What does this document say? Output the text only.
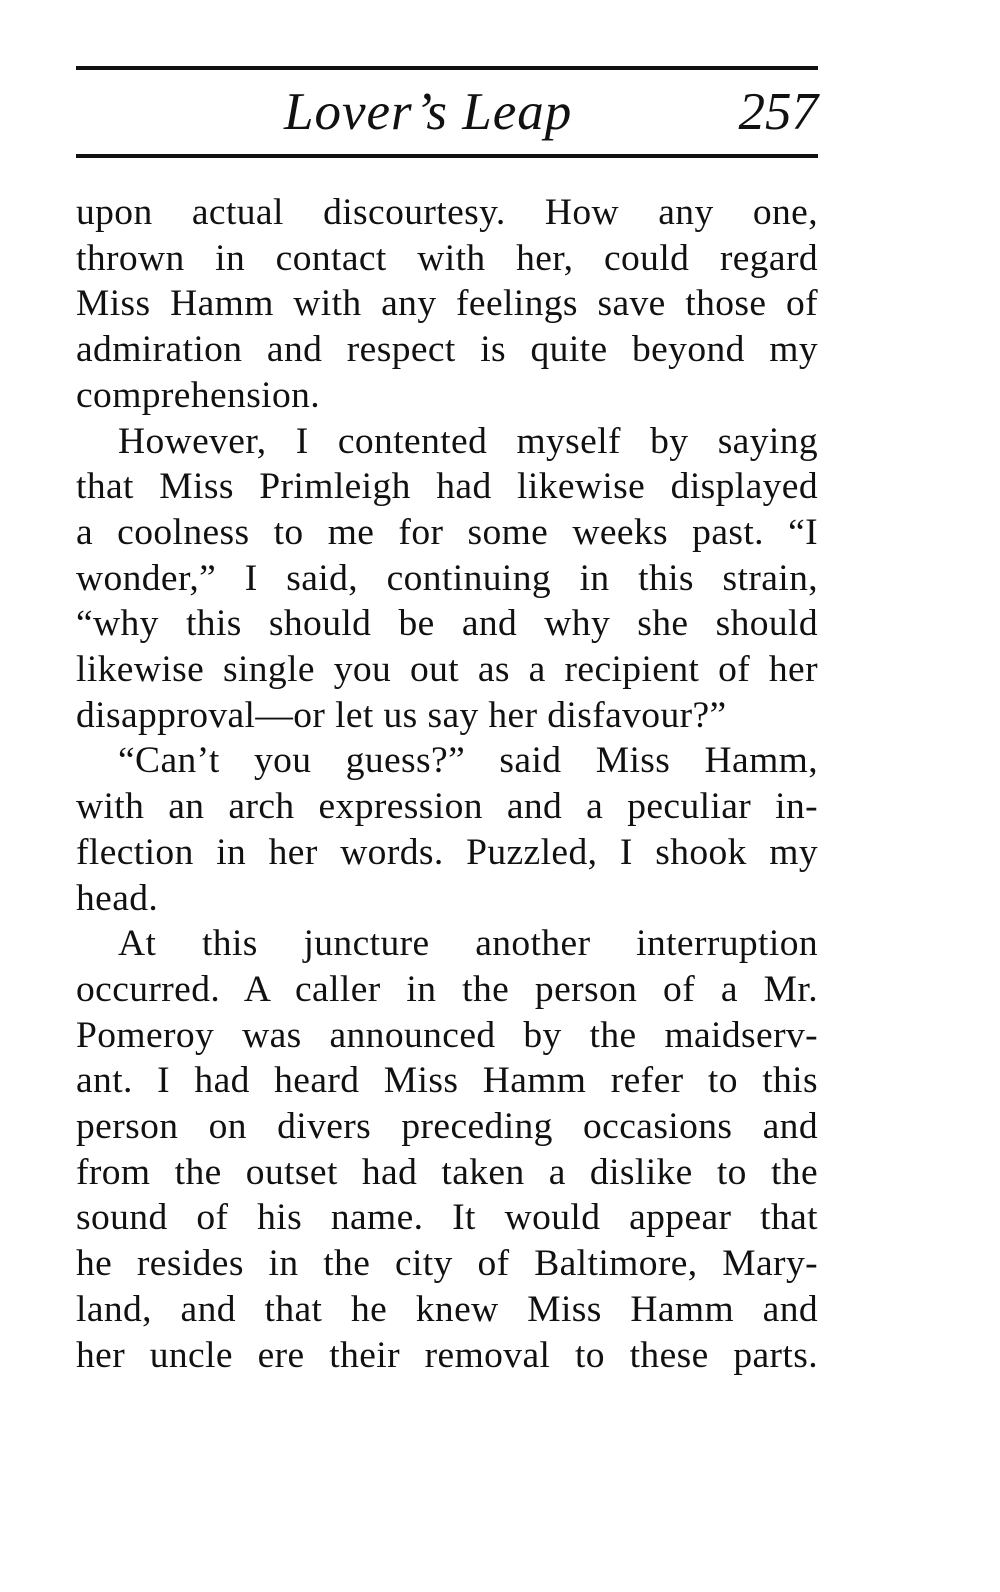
Lover’s Leap	257
upon actual discourtesy. How any one,
thrown in contact with her, could regard
Miss Hamm with any feelings save those of
admiration and respect is quite beyond my
comprehension.
However, I contented myself by saying
that Miss Primleigh had likewise displayed
a coolness to me for some weeks past. “I
wonder,” I said, continuing in this strain,
“why this should be and why she should
likewise single you out as a recipient of her
disapproval—or let us say her disfavour?”
“Can’t you guess?” said Miss Hamm,
with an arch expression and a peculiar in-
flection in her words. Puzzled, I shook my
head.
At this juncture another interruption
occurred. A caller in the person of a Mr.
Pomeroy was announced by the maidserv-
ant. I had heard Miss Hamm refer to this
person on divers preceding occasions and
from the outset had taken a dislike to the
sound of his name. It would appear that
he resides in the city of Baltimore, Mary-
land, and that he knew Miss Hamm and
her uncle ere their removal to these parts.
